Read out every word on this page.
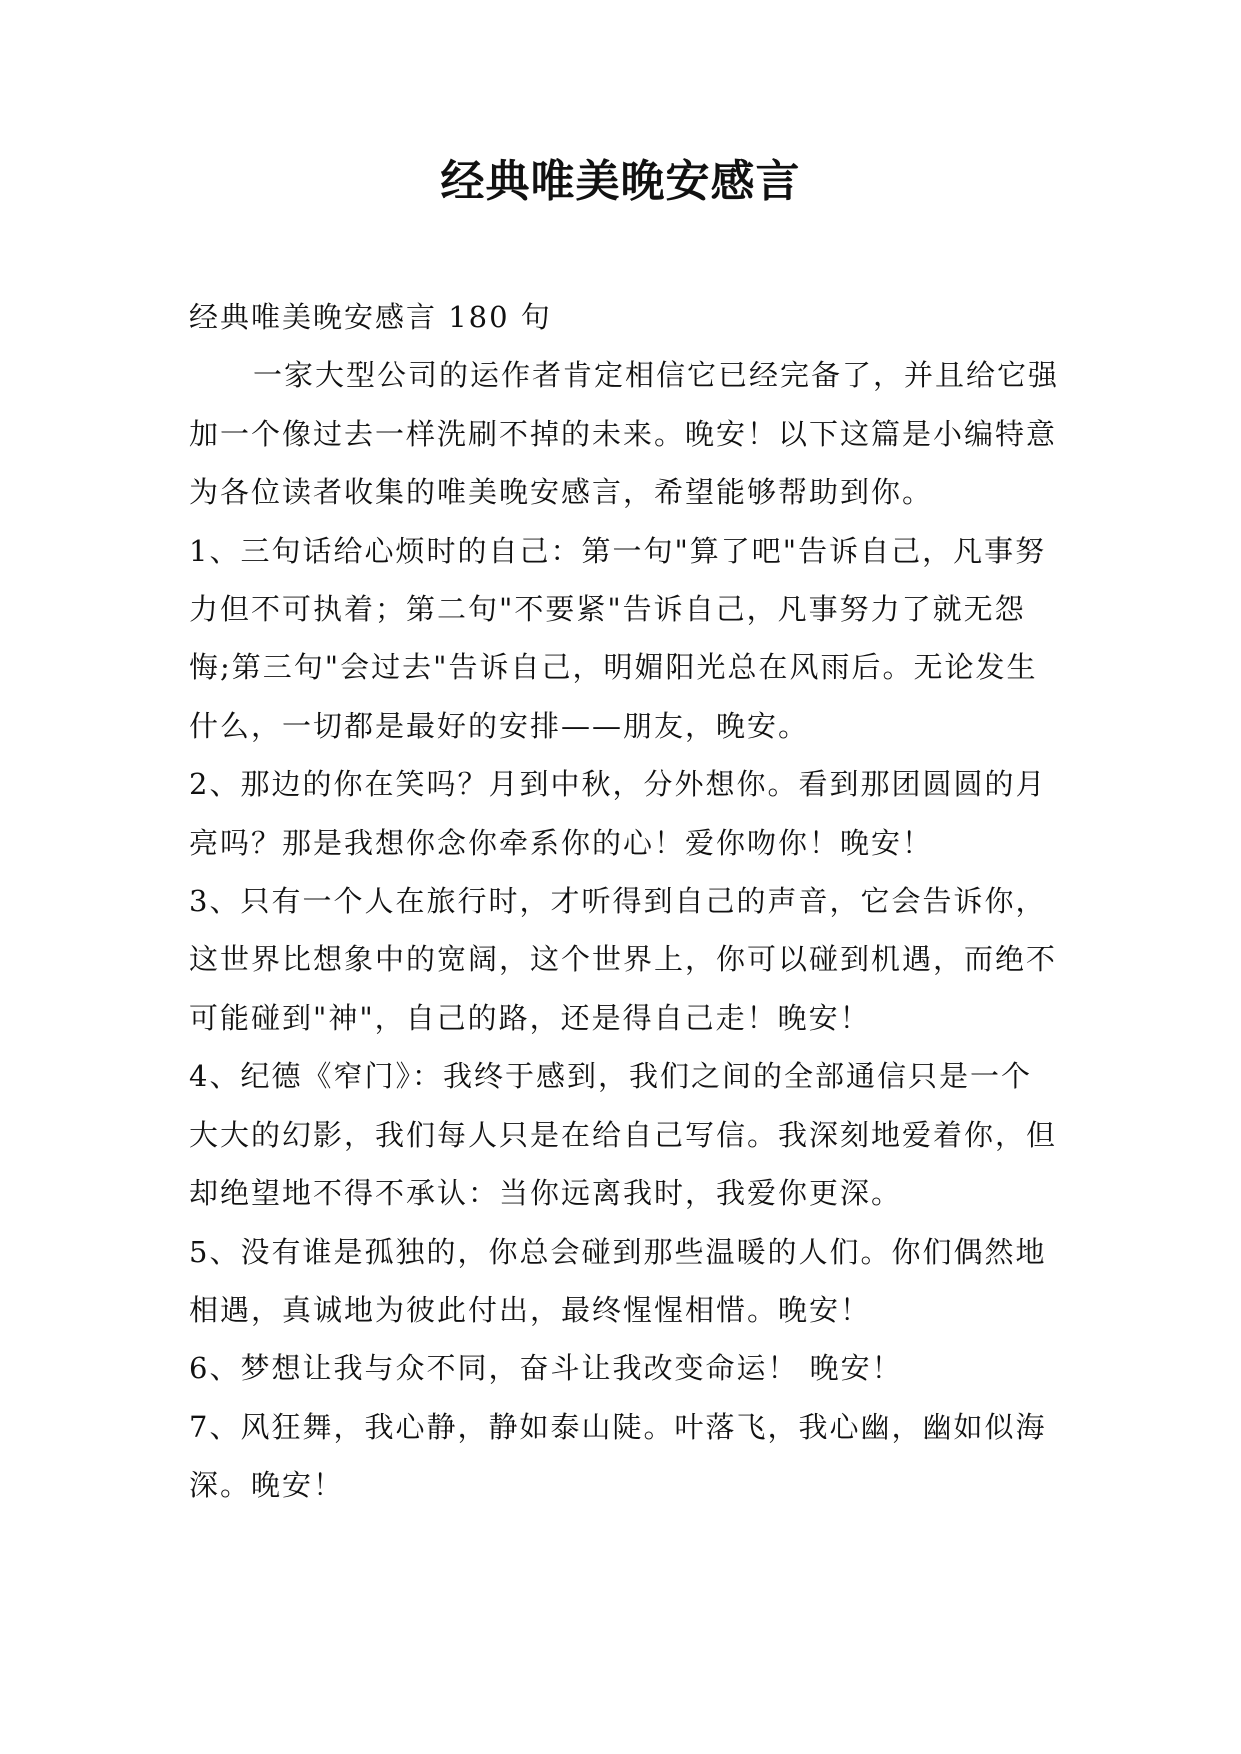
经典唯美晚安感言

经典唯美晚安感言 180 句

一家大型公司的运作者肯定相信它已经完备了，并且给它强加一个像过去一样洗刷不掉的未来。晚安！以下这篇是小编特意为各位读者收集的唯美晚安感言，希望能够帮助到你。

1、三句话给心烦时的自己：第一句"算了吧"告诉自己，凡事努力但不可执着；第二句"不要紧"告诉自己，凡事努力了就无怨悔;第三句"会过去"告诉自己，明媚阳光总在风雨后。无论发生什么，一切都是最好的安排——朋友，晚安。

2、那边的你在笑吗？月到中秋，分外想你。看到那团圆圆的月亮吗？那是我想你念你牵系你的心！爱你吻你！晚安！

3、只有一个人在旅行时，才听得到自己的声音，它会告诉你，这世界比想象中的宽阔，这个世界上，你可以碰到机遇，而绝不可能碰到"神"，自己的路，还是得自己走！晚安！

4、纪德《窄门》：我终于感到，我们之间的全部通信只是一个大大的幻影，我们每人只是在给自己写信。我深刻地爱着你，但却绝望地不得不承认：当你远离我时，我爱你更深。

5、没有谁是孤独的，你总会碰到那些温暖的人们。你们偶然地相遇，真诚地为彼此付出，最终惺惺相惜。晚安！

6、梦想让我与众不同，奋斗让我改变命运！ 晚安！

7、风狂舞，我心静，静如泰山陡。叶落飞，我心幽，幽如似海深。晚安！
